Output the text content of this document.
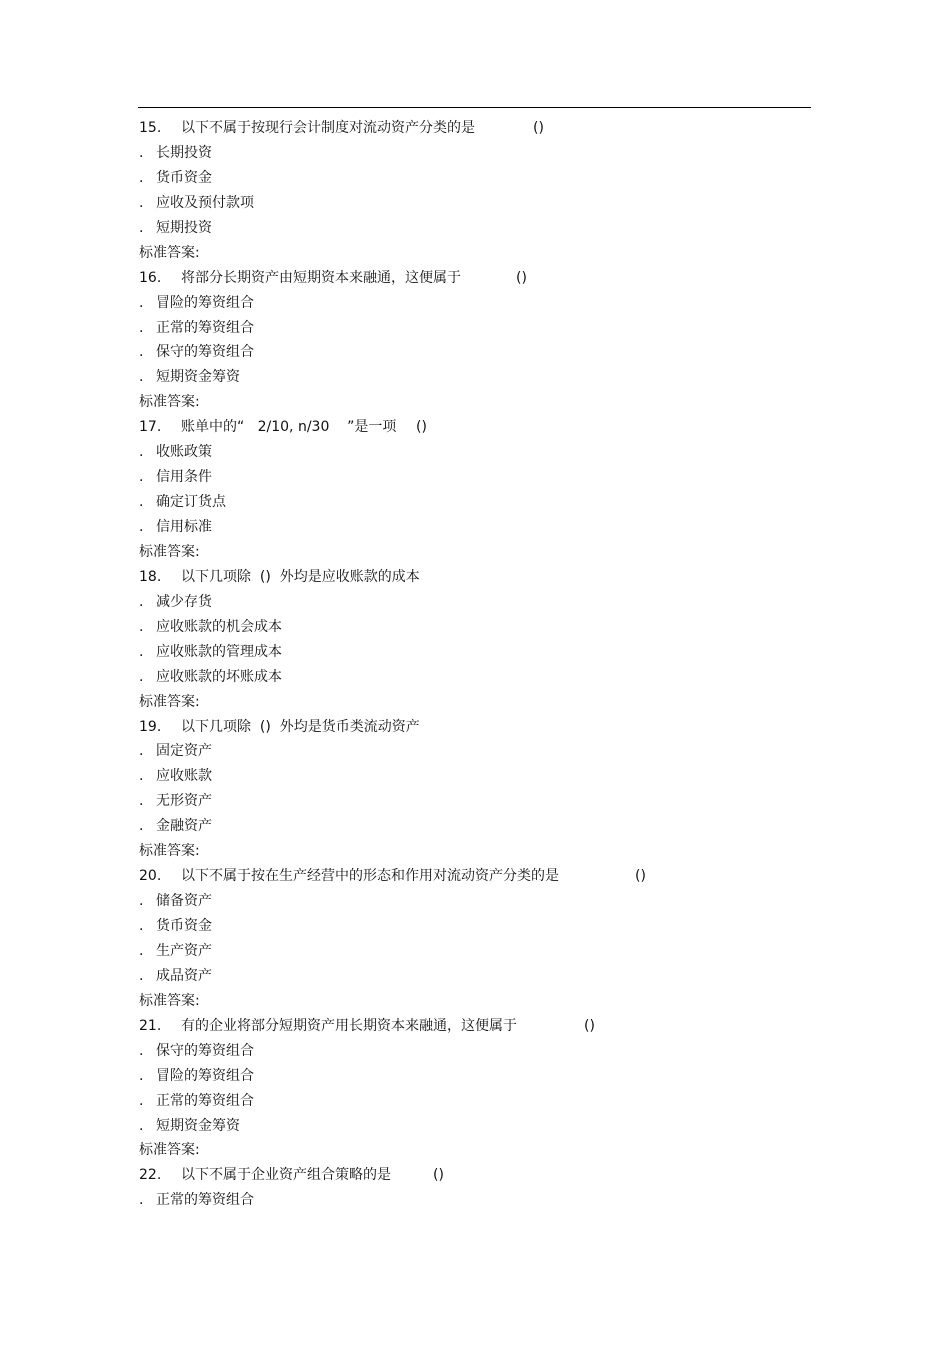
15. 以下不属于按现行会计制度对流动资产分类的是	()
. 长期投资
. 货币资金
. 应收及预付款项
. 短期投资
标准答案:
16. 将部分长期资产由短期资本来融通，这便属于	()
. 冒险的筹资组合
. 正常的筹资组合
. 保守的筹资组合
. 短期资金筹资
标准答案:
17. 账单中的“   2/10, n/30    ”是一项 ()
. 收账政策
. 信用条件
. 确定订货点
. 信用标准
标准答案:
18. 以下几项除  ()  外均是应收账款的成本
. 减少存货
. 应收账款的机会成本
. 应收账款的管理成本
. 应收账款的坏账成本
标准答案:
19. 以下几项除  ()  外均是货币类流动资产
. 固定资产
. 应收账款
. 无形资产
. 金融资产
标准答案:
20. 以下不属于按在生产经营中的形态和作用对流动资产分类的是	()
. 储备资产
. 货币资金
. 生产资产
. 成品资产
标准答案:
21. 有的企业将部分短期资产用长期资本来融通，这便属于	()
. 保守的筹资组合
. 冒险的筹资组合
. 正常的筹资组合
. 短期资金筹资
标准答案:
22. 以下不属于企业资产组合策略的是	()
. 正常的筹资组合
